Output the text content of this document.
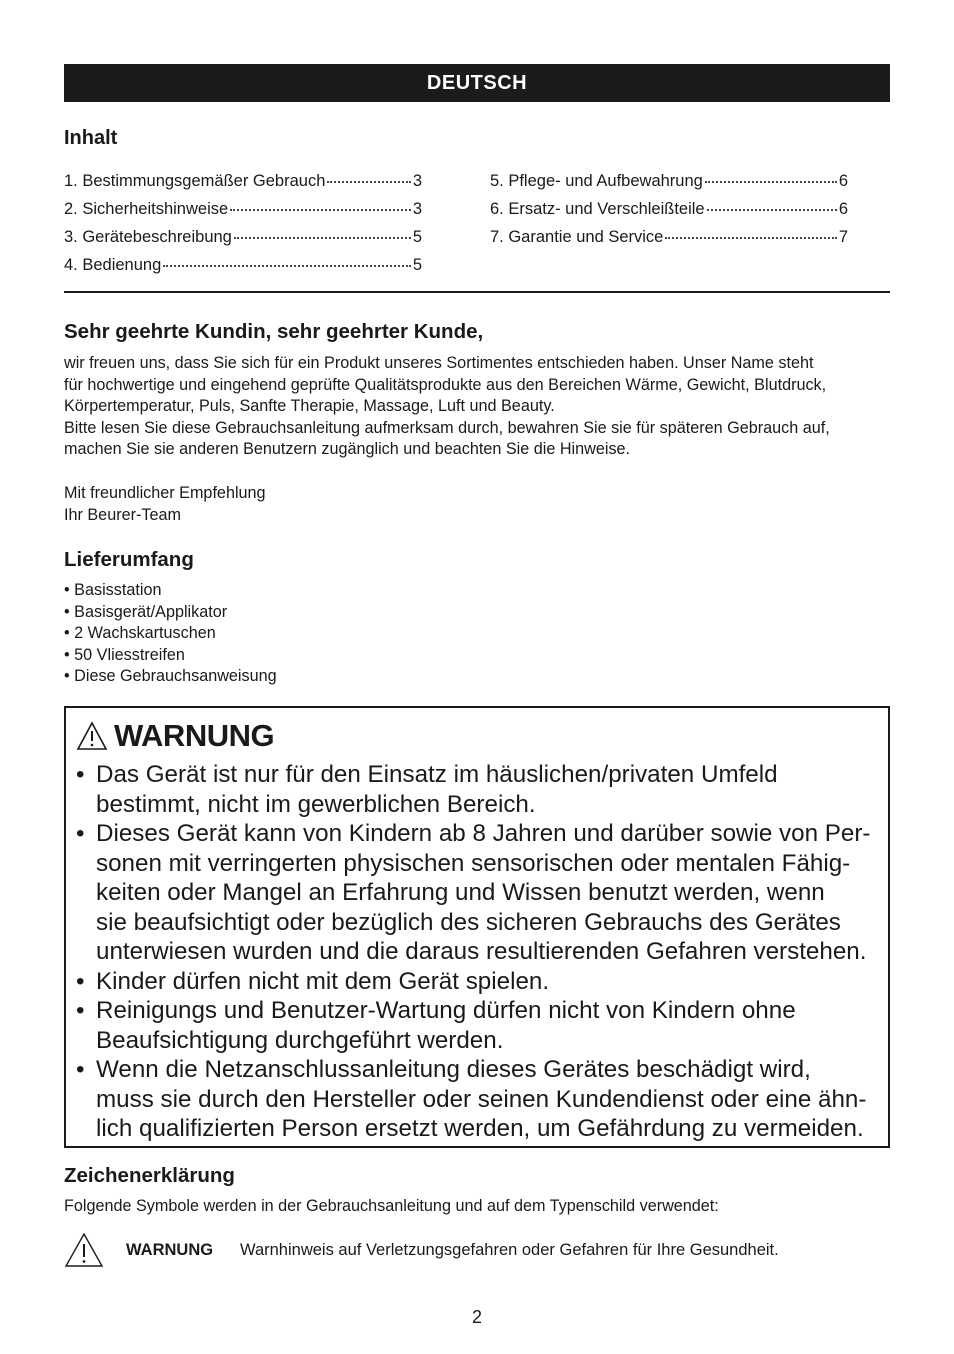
DEUTSCH
Inhalt
1. Bestimmungsgemäßer Gebrauch	3
2. Sicherheitshinweise	3
3. Gerätebeschreibung	5
4. Bedienung	5
5. Pflege- und Aufbewahrung	6
6. Ersatz- und Verschleißteile	6
7. Garantie und Service	7
Sehr geehrte Kundin, sehr geehrter Kunde,

wir freuen uns, dass Sie sich für ein Produkt unseres Sortimentes entschieden haben. Unser Name steht
für hochwertige und eingehend geprüfte Qualitätsprodukte aus den Bereichen Wärme, Gewicht, Blutdruck,
Körpertemperatur, Puls, Sanfte Therapie, Massage, Luft und Beauty.
Bitte lesen Sie diese Gebrauchsanleitung aufmerksam durch, bewahren Sie sie für späteren Gebrauch auf,
machen Sie sie anderen Benutzern zugänglich und beachten Sie die Hinweise.

Mit freundlicher Empfehlung
Ihr Beurer-Team

Lieferumfang
• Basisstation
• Basisgerät/Applikator
• 2 Wachskartuschen
• 50 Vliesstreifen
• Diese Gebrauchsanweisung
WARNUNG
• Das Gerät ist nur für den Einsatz im häuslichen/privaten Umfeld
bestimmt, nicht im gewerblichen Bereich.
• Dieses Gerät kann von Kindern ab 8 Jahren und darüber sowie von Per-
sonen mit verringerten physischen sensorischen oder mentalen Fähig-
keiten oder Mangel an Erfahrung und Wissen benutzt werden, wenn
sie beaufsichtigt oder bezüglich des sicheren Gebrauchs des Gerätes
unterwiesen wurden und die daraus resultierenden Gefahren verstehen.
• Kinder dürfen nicht mit dem Gerät spielen.
• Reinigungs und Benutzer-Wartung dürfen nicht von Kindern ohne
Beaufsichtigung durchgeführt werden.
• Wenn die Netzanschlussanleitung dieses Gerätes beschädigt wird,
muss sie durch den Hersteller oder seinen Kundendienst oder eine ähn-
lich qualifizierten Person ersetzt werden, um Gefährdung zu vermeiden.
Zeichenerklärung

Folgende Symbole werden in der Gebrauchsanleitung und auf dem Typenschild verwendet:

WARNUNG Warnhinweis auf Verletzungsgefahren oder Gefahren für Ihre Gesundheit.
2
